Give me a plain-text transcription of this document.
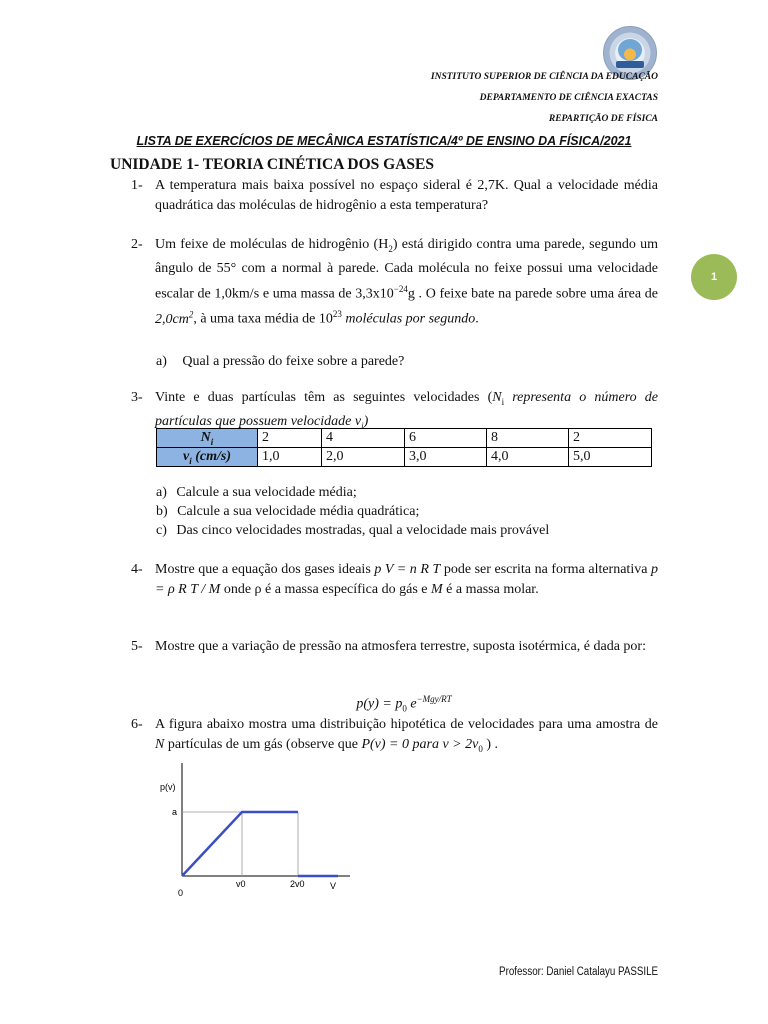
INSTITUTO SUPERIOR DE CIÊNCIA DA EDUCAÇÃO
DEPARTAMENTO DE CIÊNCIA EXACTAS
REPARTIÇÃO DE FÍSICA
1
LISTA DE EXERCÍCIOS DE MECÂNICA ESTATÍSTICA/4º DE ENSINO DA FÍSICA/2021
UNIDADE 1- TEORIA CINÉTICA DOS GASES
1- A temperatura mais baixa possível no espaço sideral é 2,7K. Qual a velocidade média quadrática das moléculas de hidrogênio a esta temperatura?
2- Um feixe de moléculas de hidrogênio $(H_2)$ está dirigido contra uma parede, segundo um ângulo de 55° com a normal à parede. Cada molécula no feixe possui uma velocidade escalar de 1,0km/s e uma massa de $3,3x10^{-24}g$ . O feixe bate na parede sobre uma área de $2,0cm^2$, à uma taxa média de $10^{23}$ moléculas por segundo.
a) Qual a pressão do feixe sobre a parede?
3- Vinte e duas partículas têm as seguintes velocidades ($N_i$ representa o número de partículas que possuem velocidade $v_i$)
$N_i$	2	4	6	8	2
$v_i$ (cm/s)	1,0	2,0	3,0	4,0	5,0
a) Calcule a sua velocidade média;
b) Calcule a sua velocidade média quadrática;
c) Das cinco velocidades mostradas, qual a velocidade mais provável
4- Mostre que a equação dos gases ideais p V = n R T pode ser escrita na forma alternativa p = ρ R T / M onde ρ é a massa específica do gás e M é a massa molar.
5- Mostre que a variação de pressão na atmosfera terrestre, suposta isotérmica, é dada por:
$p(y) = p_0$ $e^{-Mgy/RT}$
6- A figura abaixo mostra uma distribuição hipotética de velocidades para uma amostra de N partículas de um gás (observe que P(v) = 0 para $v > 2v_0$ ) .
p(v)
a
0
v0	2v0	V
Professor: Daniel Catalayu PASSILE
